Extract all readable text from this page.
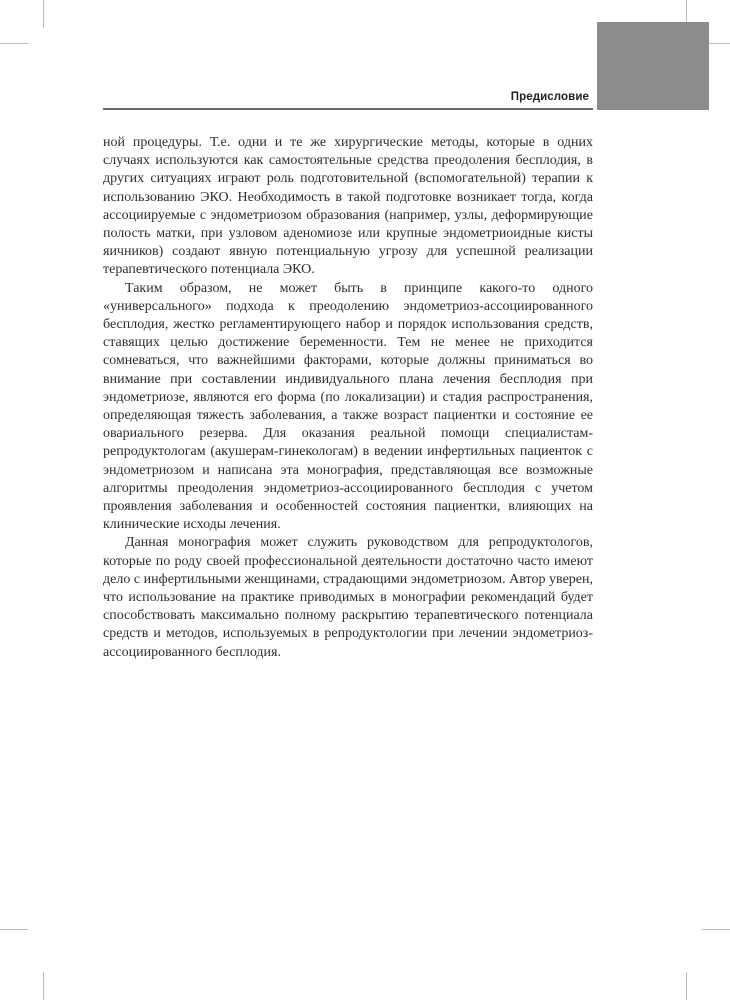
Предисловие

ной процедуры. Т.е. одни и те же хирургические методы, которые в одних случаях используются как самостоятельные средства преодоления бесплодия, в других ситуациях играют роль подготовительной (вспомогательной) терапии к использованию ЭКО. Необходимость в такой подготовке возникает тогда, когда ассоциируемые с эндометриозом образования (например, узлы, деформирующие полость матки, при узловом аденомиозе или крупные эндометриоидные кисты яичников) создают явную потенциальную угрозу для успешной реализации терапевтического потенциала ЭКО.

Таким образом, не может быть в принципе какого-то одного «универсального» подхода к преодолению эндометриоз-ассоциированного бесплодия, жестко регламентирующего набор и порядок использования средств, ставящих целью достижение беременности. Тем не менее не приходится сомневаться, что важнейшими факторами, которые должны приниматься во внимание при составлении индивидуального плана лечения бесплодия при эндометриозе, являются его форма (по локализации) и стадия распространения, определяющая тяжесть заболевания, а также возраст пациентки и состояние ее овариального резерва. Для оказания реальной помощи специалистам-репродуктологам (акушерам-гинекологам) в ведении инфертильных пациенток с эндометриозом и написана эта монография, представляющая все возможные алгоритмы преодоления эндометриоз-ассоциированного бесплодия с учетом проявления заболевания и особенностей состояния пациентки, влияющих на клинические исходы лечения.

Данная монография может служить руководством для репродуктологов, которые по роду своей профессиональной деятельности достаточно часто имеют дело с инфертильными женщинами, страдающими эндометриозом. Автор уверен, что использование на практике приводимых в монографии рекомендаций будет способствовать максимально полному раскрытию терапевтического потенциала средств и методов, используемых в репродуктологии при лечении эндометриоз-ассоциированного бесплодия.
